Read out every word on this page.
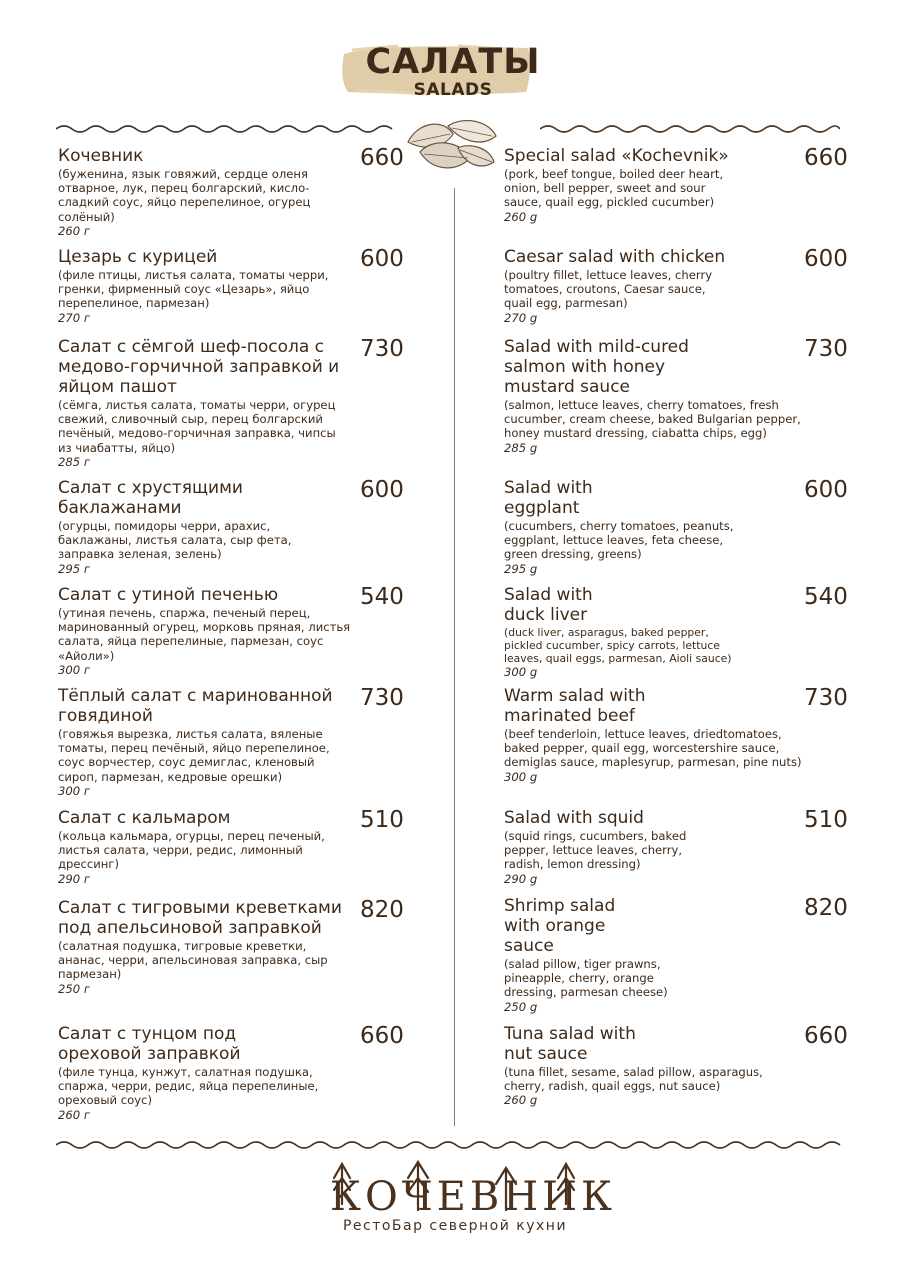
САЛАТЫ
SALADS
Кочевник
(буженина, язык говяжий, сердце оленя отварное, лук, перец болгарский, кисло-сладкий соус, яйцо перепелиное, огурец солёный)
260 г
660
Цезарь с курицей
(филе птицы, листья салата, томаты черри, гренки, фирменный соус «Цезарь», яйцо перепелиное, пармезан)
270 г
600
Салат с сёмгой шеф-посола с медово-горчичной заправкой и яйцом пашот
(сёмга, листья салата, томаты черри, огурец свежий, сливочный сыр, перец болгарский печёный, медово-горчичная заправка, чипсы из чиабатты, яйцо)
285 г
730
Салат с хрустящими баклажанами
(огурцы, помидоры черри, арахис, баклажаны, листья салата, сыр фета, заправка зеленая, зелень)
295 г
600
Салат с утиной печенью
(утиная печень, спаржа, печеный перец, маринованный огурец, морковь пряная, листья салата, яйца перепелиные, пармезан, соус «Айоли»)
300 г
540
Тёплый салат с маринованной говядиной
(говяжья вырезка, листья салата, вяленые томаты, перец печёный, яйцо перепелиное, соус ворчестер, соус демиглас, кленовый сироп, пармезан, кедровые орешки)
300 г
730
Салат с кальмаром
(кольца кальмара, огурцы, перец печеный, листья салата, черри, редис, лимонный дрессинг)
290 г
510
Салат с тигровыми креветками под апельсиновой заправкой
(салатная подушка, тигровые креветки, ананас, черри, апельсиновая заправка, сыр пармезан)
250 г
820
Салат с тунцом под ореховой заправкой
(филе тунца, кунжут, салатная подушка, спаржа, черри, редис, яйца перепелиные, ореховый соус)
260 г
660
Special salad «Kochevnik»
(pork, beef tongue, boiled deer heart, onion, bell pepper, sweet and sour sauce, quail egg, pickled cucumber)
260 g
660
Caesar salad with chicken
(poultry fillet, lettuce leaves, cherry tomatoes, croutons, Caesar sauce, quail egg, parmesan)
270 g
600
Salad with mild-cured salmon with honey mustard sauce
(salmon, lettuce leaves, cherry tomatoes, fresh cucumber, cream cheese, baked Bulgarian pepper, honey mustard dressing, ciabatta chips, egg)
285 g
730
Salad with eggplant
(cucumbers, cherry tomatoes, peanuts, eggplant, lettuce leaves, feta cheese, green dressing, greens)
295 g
600
Salad with duck liver
(duck liver, asparagus, baked pepper, pickled cucumber, spicy carrots, lettuce leaves, quail eggs, parmesan, Aioli sauce)
300 g
540
Warm salad with marinated beef
(beef tenderloin, lettuce leaves, driedtomatoes, baked pepper, quail egg, worcestershire sauce, demiglas sauce, maplesyrup, parmesan, pine nuts)
300 g
730
Salad with squid
(squid rings, cucumbers, baked pepper, lettuce leaves, cherry, radish, lemon dressing)
290 g
510
Shrimp salad with orange sauce
(salad pillow, tiger prawns, pineapple, cherry, orange dressing, parmesan cheese)
250 g
820
Tuna salad with nut sauce
(tuna fillet, sesame, salad pillow, asparagus, cherry, radish, quail eggs, nut sauce)
260 g
660
КОЧЕВНИК
РестоБар северной кухни
